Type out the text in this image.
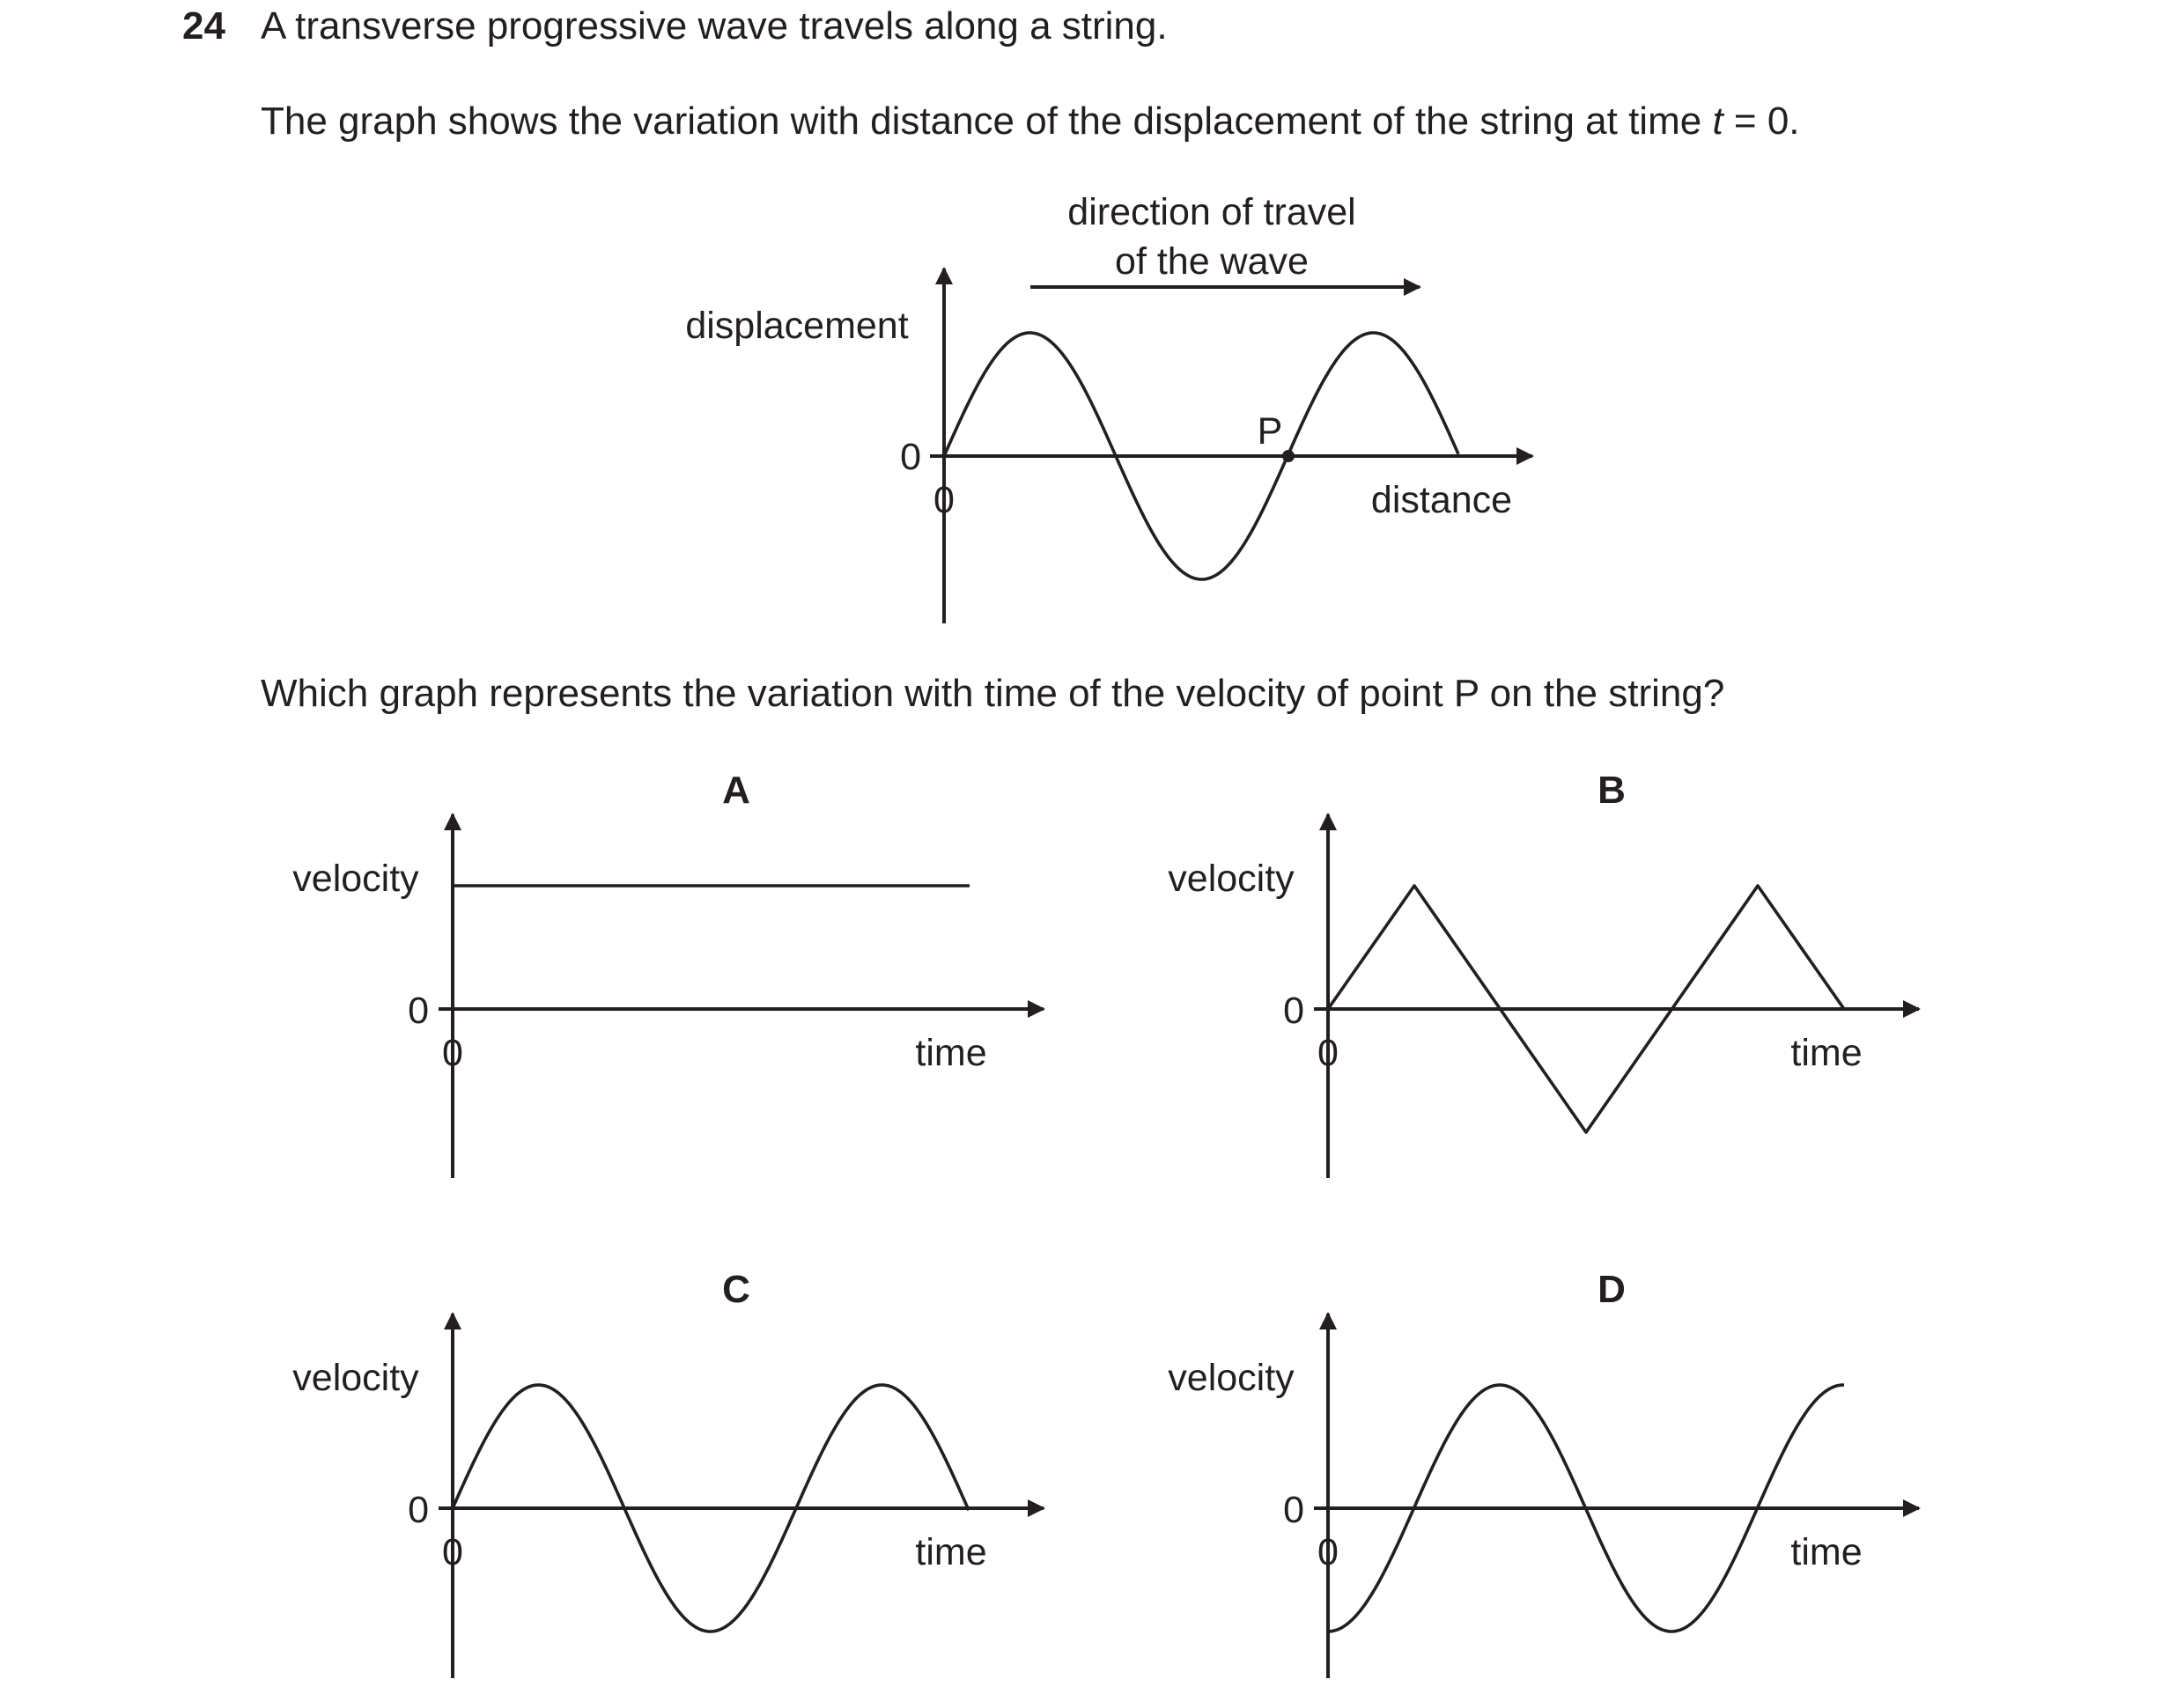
24 A transverse progressive wave travels along a string.
The graph shows the variation with distance of the displacement of the string at time t = 0.
Which graph represents the variation with time of the velocity of point P on the string?
displacement
0
0	distance
P
direction of travel
of the wave
A
velocity
0
0	time
B
velocity
0
0	time
C
velocity
0
0	time
D
velocity
0
0	time
